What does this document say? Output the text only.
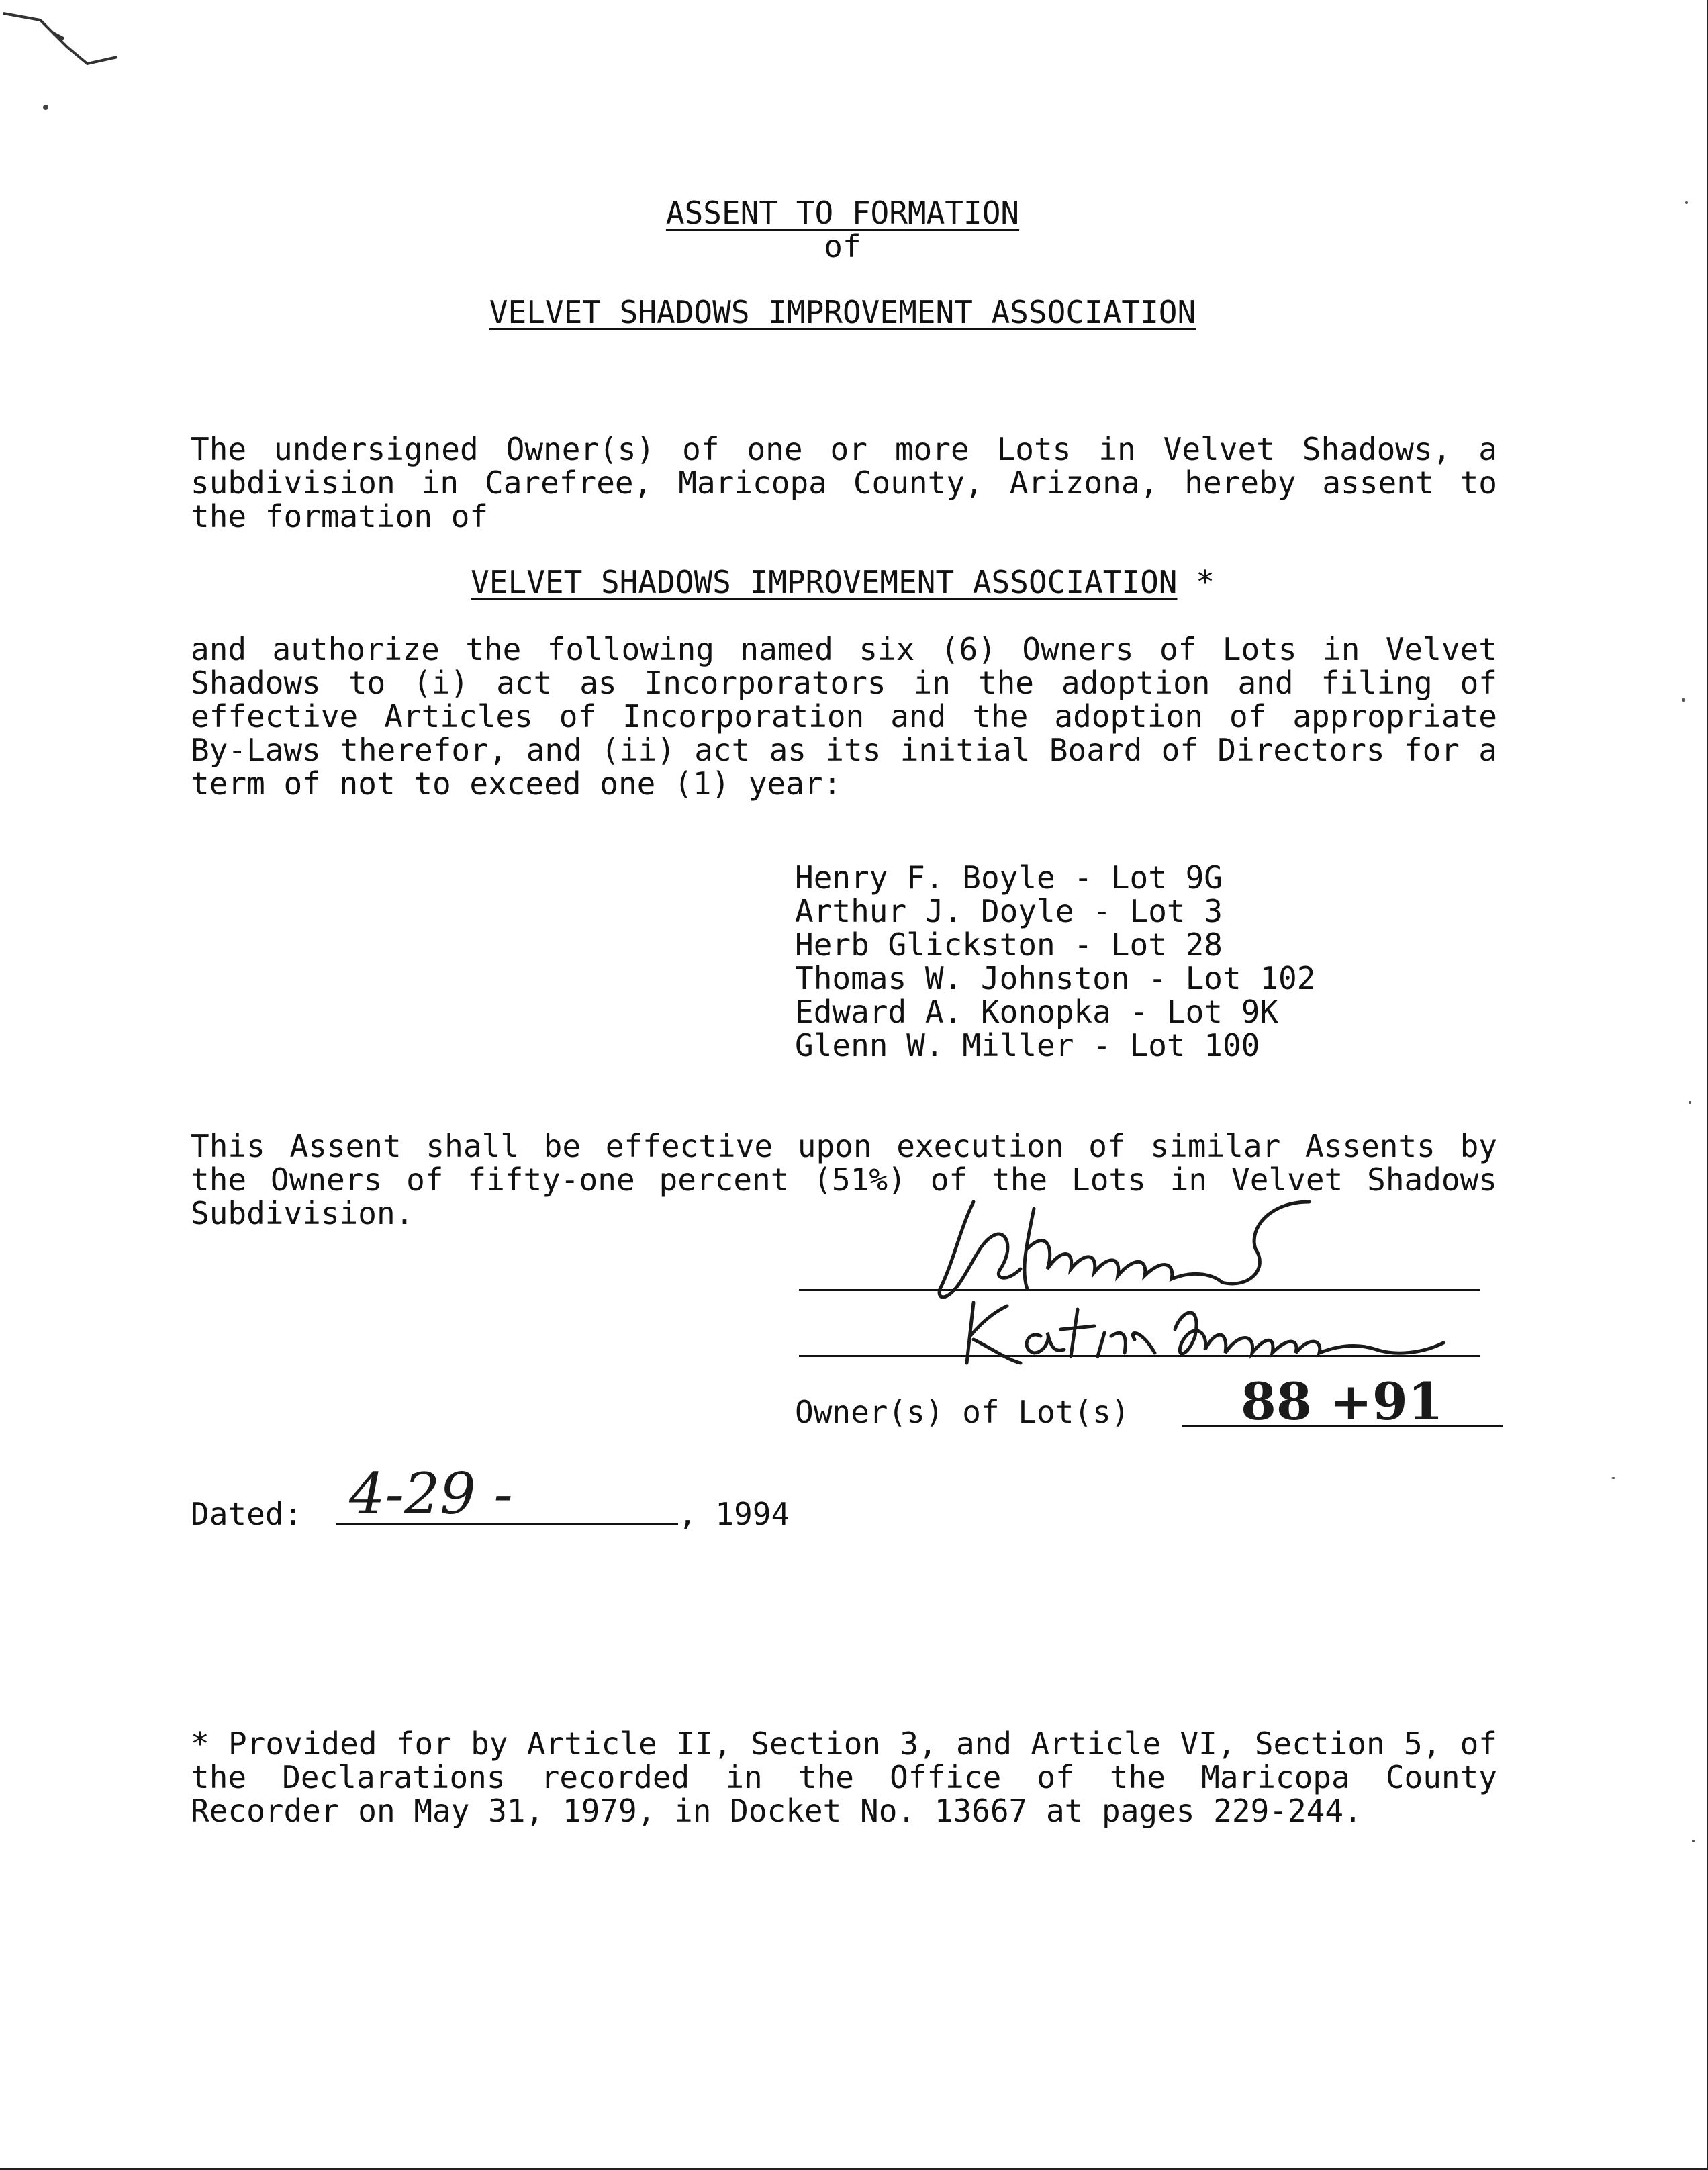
ASSENT TO FORMATION
of
VELVET SHADOWS IMPROVEMENT ASSOCIATION
The undersigned Owner(s) of one or more Lots in Velvet Shadows, a subdivision in Carefree, Maricopa County, Arizona, hereby assent to the formation of
VELVET SHADOWS IMPROVEMENT ASSOCIATION *
and authorize the following named six (6) Owners of Lots in Velvet Shadows to (i) act as Incorporators in the adoption and filing of effective Articles of Incorporation and the adoption of appropriate By-Laws therefor, and (ii) act as its initial Board of Directors for a term of not to exceed one (1) year:
Henry F. Boyle - Lot 9G
Arthur J. Doyle - Lot 3
Herb Glickston - Lot 28
Thomas W. Johnston - Lot 102
Edward A. Konopka - Lot 9K
Glenn W. Miller - Lot 100
This Assent shall be effective upon execution of similar Assents by the Owners of fifty-one percent (51%) of the Lots in Velvet Shadows Subdivision.
Owner(s) of Lot(s) 88 +91
Dated: 4-29 -	, 1994
* Provided for by Article II, Section 3, and Article VI, Section 5, of the Declarations recorded in the Office of the Maricopa County Recorder on May 31, 1979, in Docket No. 13667 at pages 229-244.
